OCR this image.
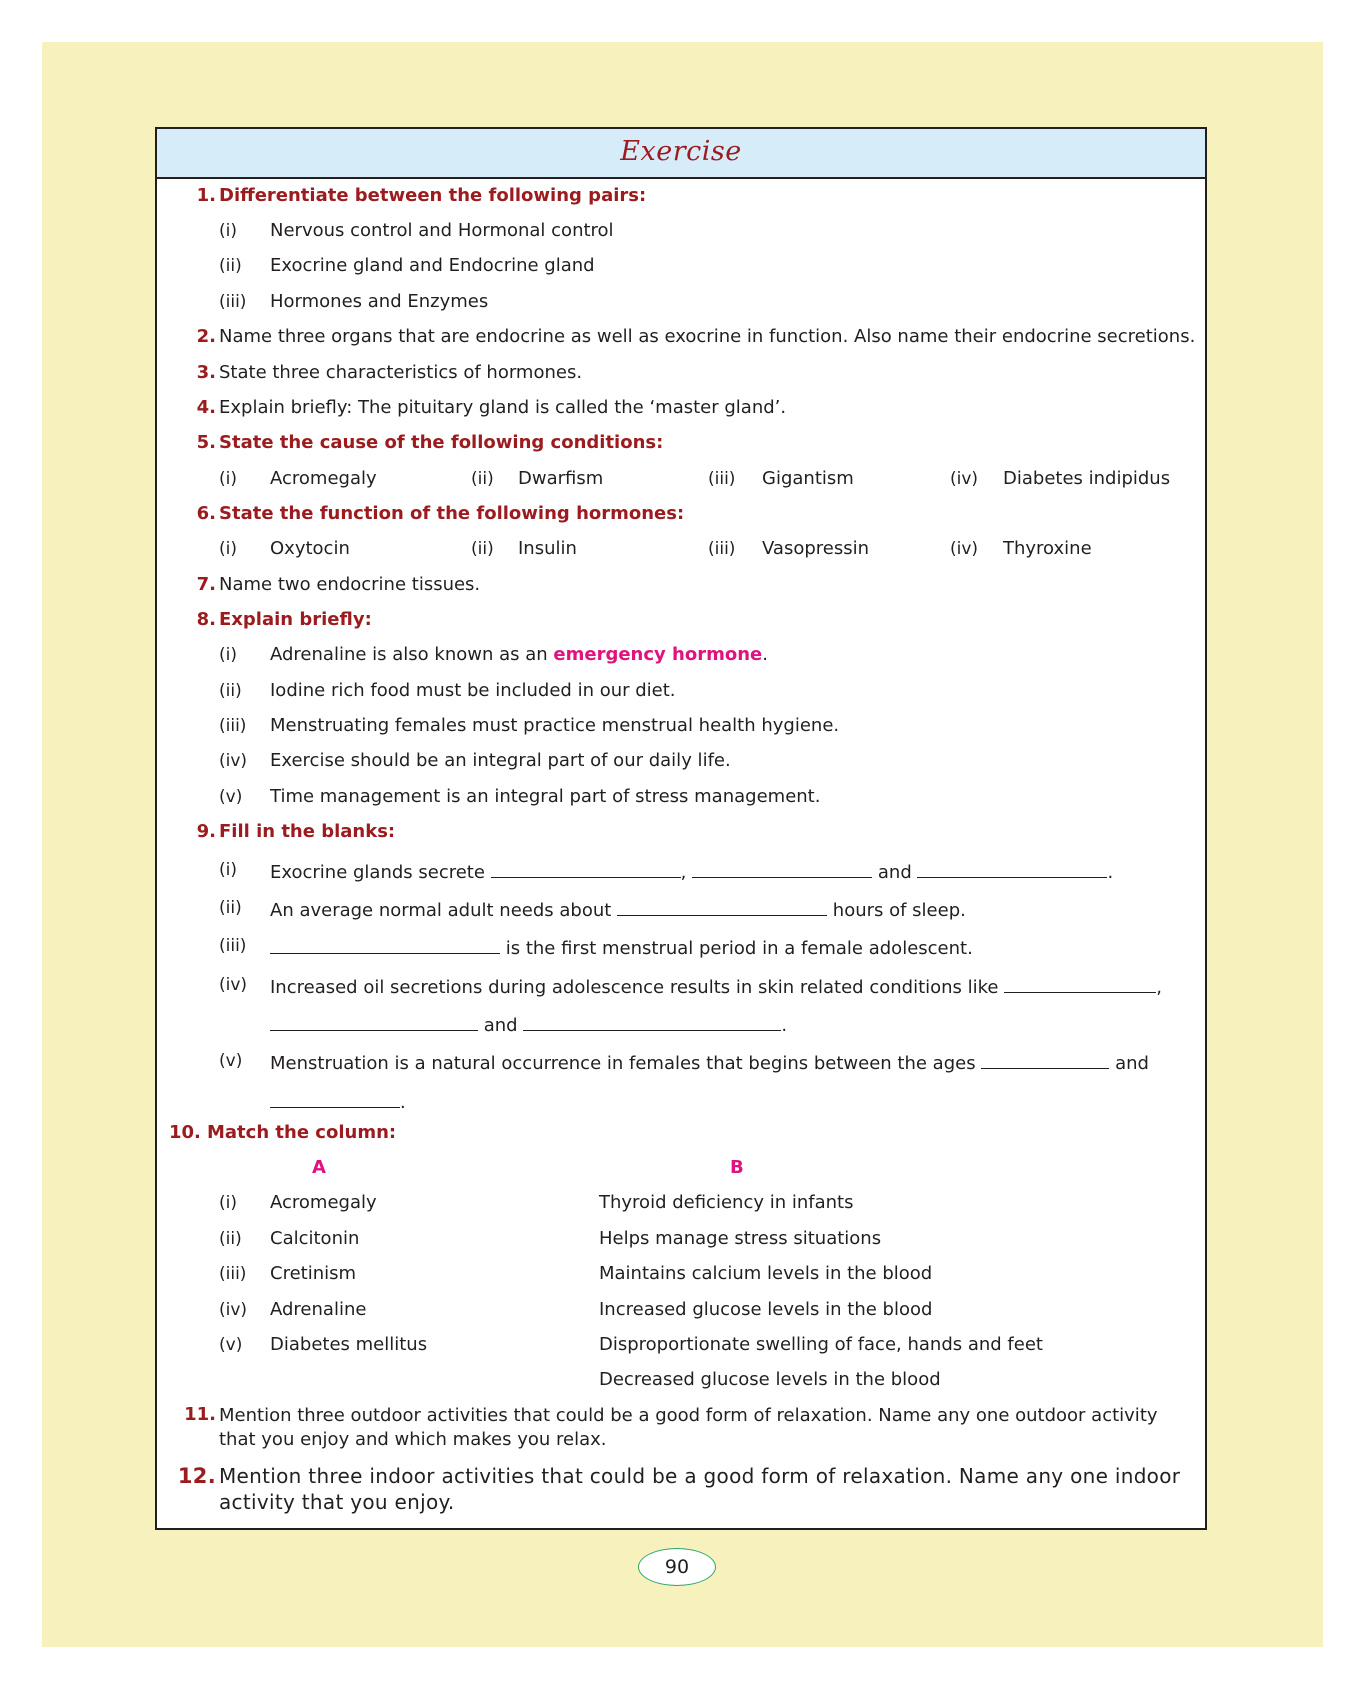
Exercise
1. Differentiate between the following pairs:
(i) Nervous control and Hormonal control
(ii) Exocrine gland and Endocrine gland
(iii) Hormones and Enzymes
2. Name three organs that are endocrine as well as exocrine in function. Also name their endocrine secretions.
3. State three characteristics of hormones.
4. Explain briefly: The pituitary gland is called the ‘master gland’.
5. State the cause of the following conditions:
(i) Acromegaly	(ii) Dwarfism	(iii) Gigantism	(iv) Diabetes indipidus
6. State the function of the following hormones:
(i) Oxytocin	(ii) Insulin	(iii) Vasopressin	(iv) Thyroxine
7. Name two endocrine tissues.
8. Explain briefly:
(i) Adrenaline is also known as an emergency hormone.
(ii) Iodine rich food must be included in our diet.
(iii) Menstruating females must practice menstrual health hygiene.
(iv) Exercise should be an integral part of our daily life.
(v) Time management is an integral part of stress management.
9. Fill in the blanks:
(i) Exocrine glands secrete	,	and	.
(ii) An average normal adult needs about	hours of sleep.
(iii)	is the first menstrual period in a female adolescent.
(iv) Increased oil secretions during adolescence results in skin related conditions like	,
and	.
(v) Menstruation is a natural occurrence in females that begins between the ages	and
.
10. Match the column:
A	B
(i) Acromegaly	Thyroid deficiency in infants
(ii) Calcitonin	Helps manage stress situations
(iii) Cretinism	Maintains calcium levels in the blood
(iv) Adrenaline	Increased glucose levels in the blood
(v) Diabetes mellitus	Disproportionate swelling of face, hands and feet
Decreased glucose levels in the blood
11. Mention three outdoor activities that could be a good form of relaxation. Name any one outdoor activity that you enjoy and which makes you relax.
12. Mention three indoor activities that could be a good form of relaxation. Name any one indoor activity that you enjoy.
90
